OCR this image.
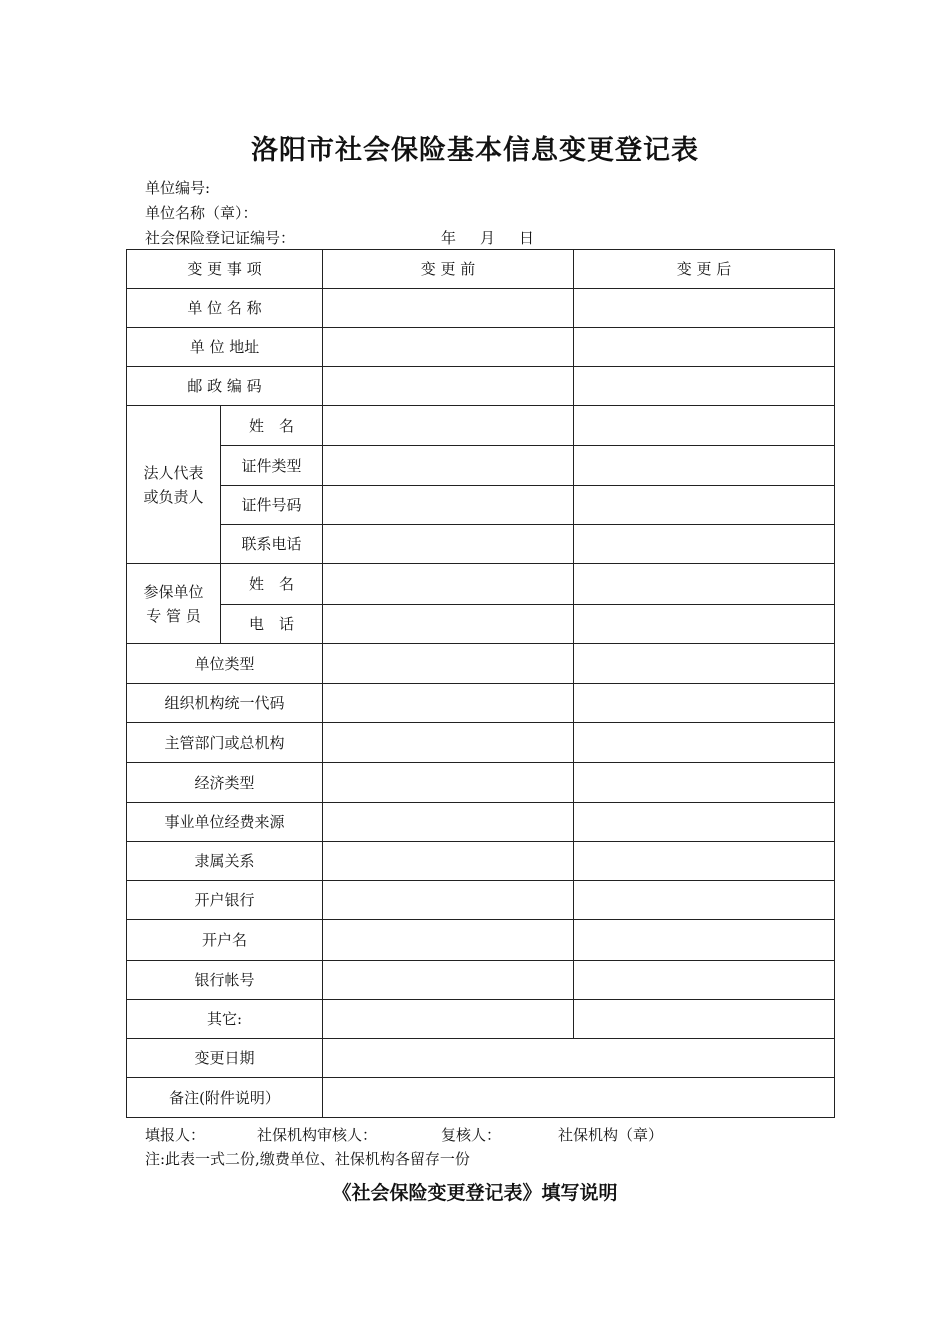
洛阳市社会保险基本信息变更登记表
单位编号:
单位名称（章）：
社会保险登记证编号：	年 月 日
变 更 事 项		变 更 前	变 更 后
单 位 名 称			
单 位 地址			
邮 政 编 码			
法人代表或负责人	姓　名		
	证件类型		
	证件号码		
	联系电话		
参保单位专 管 员	姓　名		
	电　话		
单位类型			
组织机构统一代码			
主管部门或总机构			
经济类型			
事业单位经费来源			
隶属关系			
开户银行			
开户名			
银行帐号			
其它:			
变更日期			
备注(附件说明）			
填报人：	社保机构审核人：	复核人：	社保机构（章）
注:此表一式二份,缴费单位、社保机构各留存一份
《社会保险变更登记表》填写说明
